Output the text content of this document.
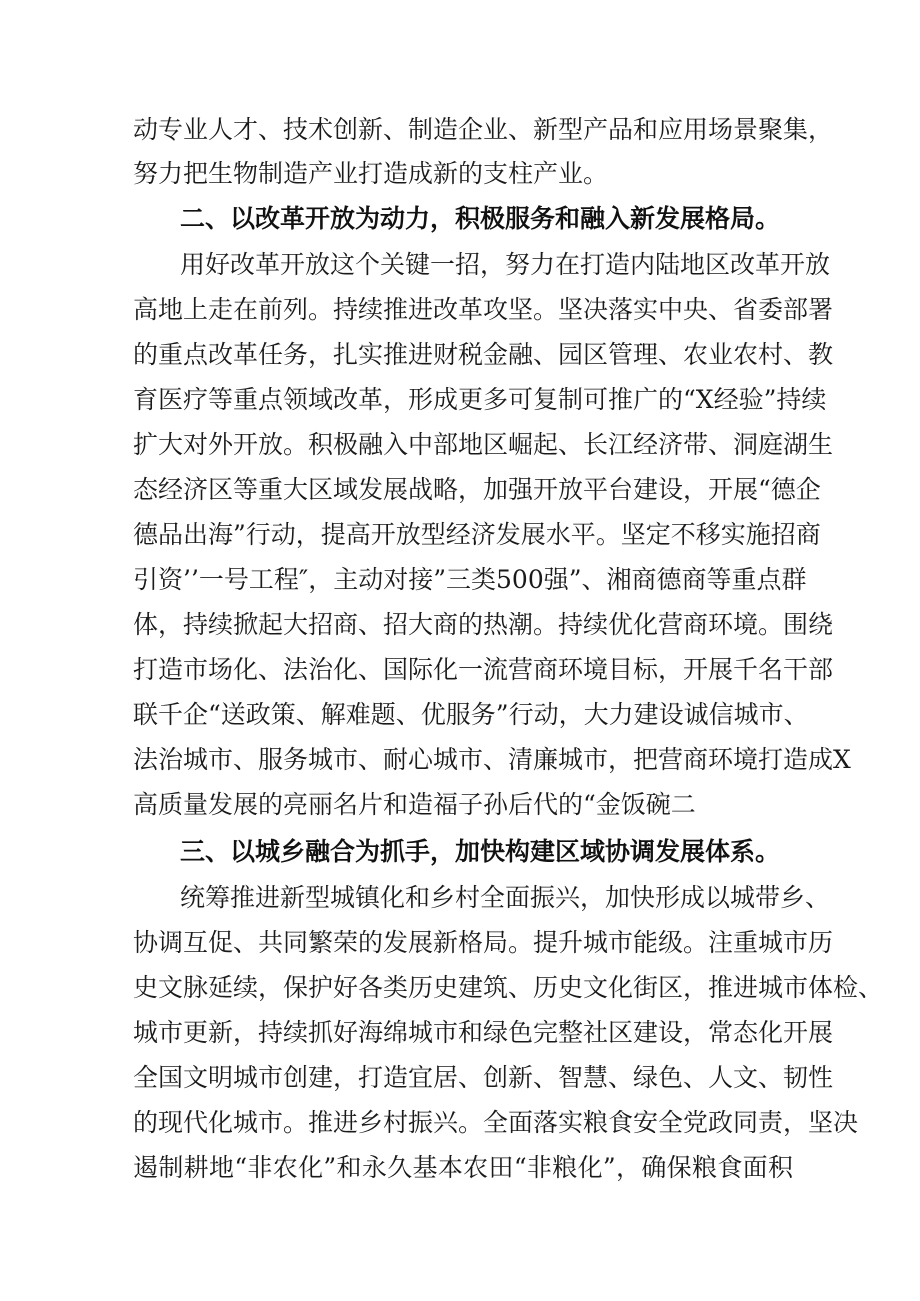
动专业人才、技术创新、制造企业、新型产品和应用场景聚集，
努力把生物制造产业打造成新的支柱产业。
二、以改革开放为动力，积极服务和融入新发展格局。
用好改革开放这个关键一招，努力在打造内陆地区改革开放
高地上走在前列。持续推进改革攻坚。坚决落实中央、省委部署
的重点改革任务，扎实推进财税金融、园区管理、农业农村、教
育医疗等重点领域改革，形成更多可复制可推广的“X经验”持续
扩大对外开放。积极融入中部地区崛起、长江经济带、洞庭湖生
态经济区等重大区域发展战略，加强开放平台建设，开展“德企
德品出海”行动，提高开放型经济发展水平。坚定不移实施招商
引资’’一号工程″，主动对接”三类500强”、湘商德商等重点群
体，持续掀起大招商、招大商的热潮。持续优化营商环境。围绕
打造市场化、法治化、国际化一流营商环境目标，开展千名干部
联千企“送政策、解难题、优服务”行动，大力建设诚信城市、
法治城市、服务城市、耐心城市、清廉城市，把营商环境打造成X
高质量发展的亮丽名片和造福子孙后代的“金饭碗二
三、以城乡融合为抓手，加快构建区域协调发展体系。
统筹推进新型城镇化和乡村全面振兴，加快形成以城带乡、
协调互促、共同繁荣的发展新格局。提升城市能级。注重城市历
史文脉延续，保护好各类历史建筑、历史文化街区，推进城市体检、
城市更新，持续抓好海绵城市和绿色完整社区建设，常态化开展
全国文明城市创建，打造宜居、创新、智慧、绿色、人文、韧性
的现代化城市。推进乡村振兴。全面落实粮食安全党政同责，坚决
遏制耕地“非农化”和永久基本农田“非粮化”，确保粮食面积
